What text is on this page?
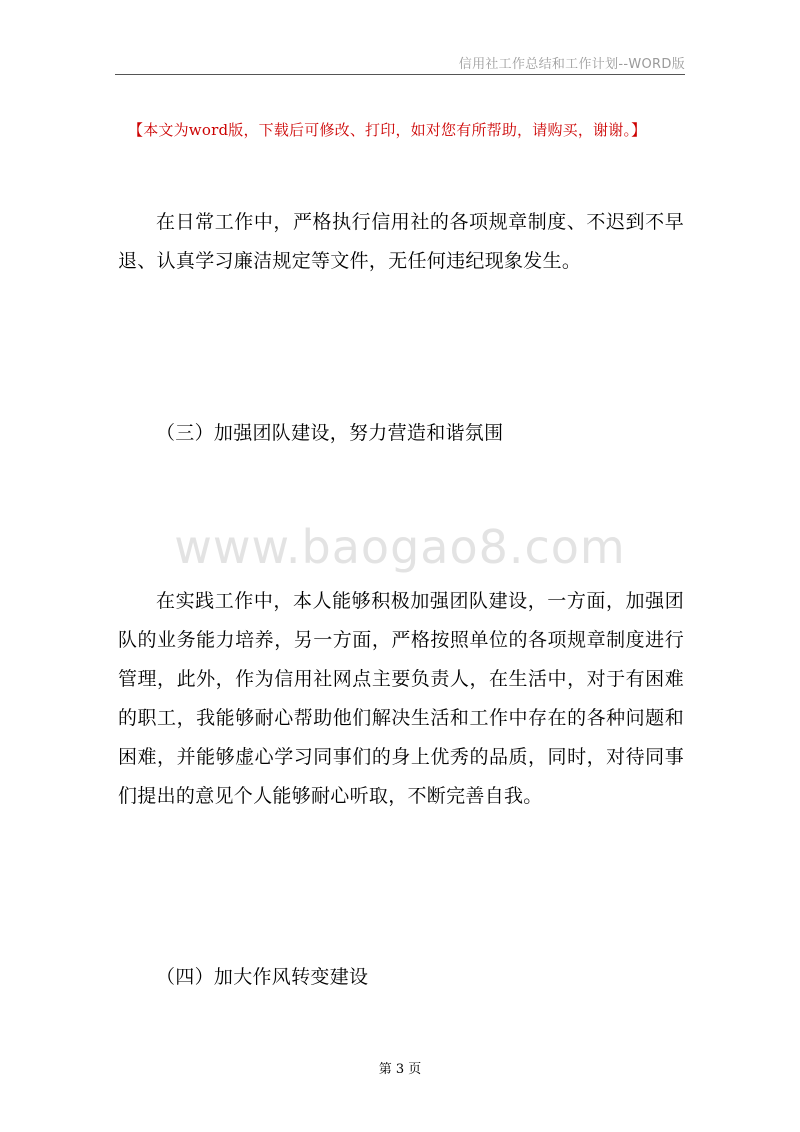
信用社工作总结和工作计划--WORD版
【本文为word版，下载后可修改、打印，如对您有所帮助，请购买，谢谢。】
在日常工作中，严格执行信用社的各项规章制度、不迟到不早退、认真学习廉洁规定等文件，无任何违纪现象发生。
（三）加强团队建设，努力营造和谐氛围
www.baogao8.com
在实践工作中，本人能够积极加强团队建设，一方面，加强团队的业务能力培养，另一方面，严格按照单位的各项规章制度进行管理，此外，作为信用社网点主要负责人，在生活中，对于有困难的职工，我能够耐心帮助他们解决生活和工作中存在的各种问题和困难，并能够虚心学习同事们的身上优秀的品质，同时，对待同事们提出的意见个人能够耐心听取，不断完善自我。
（四）加大作风转变建设
第 3 页
